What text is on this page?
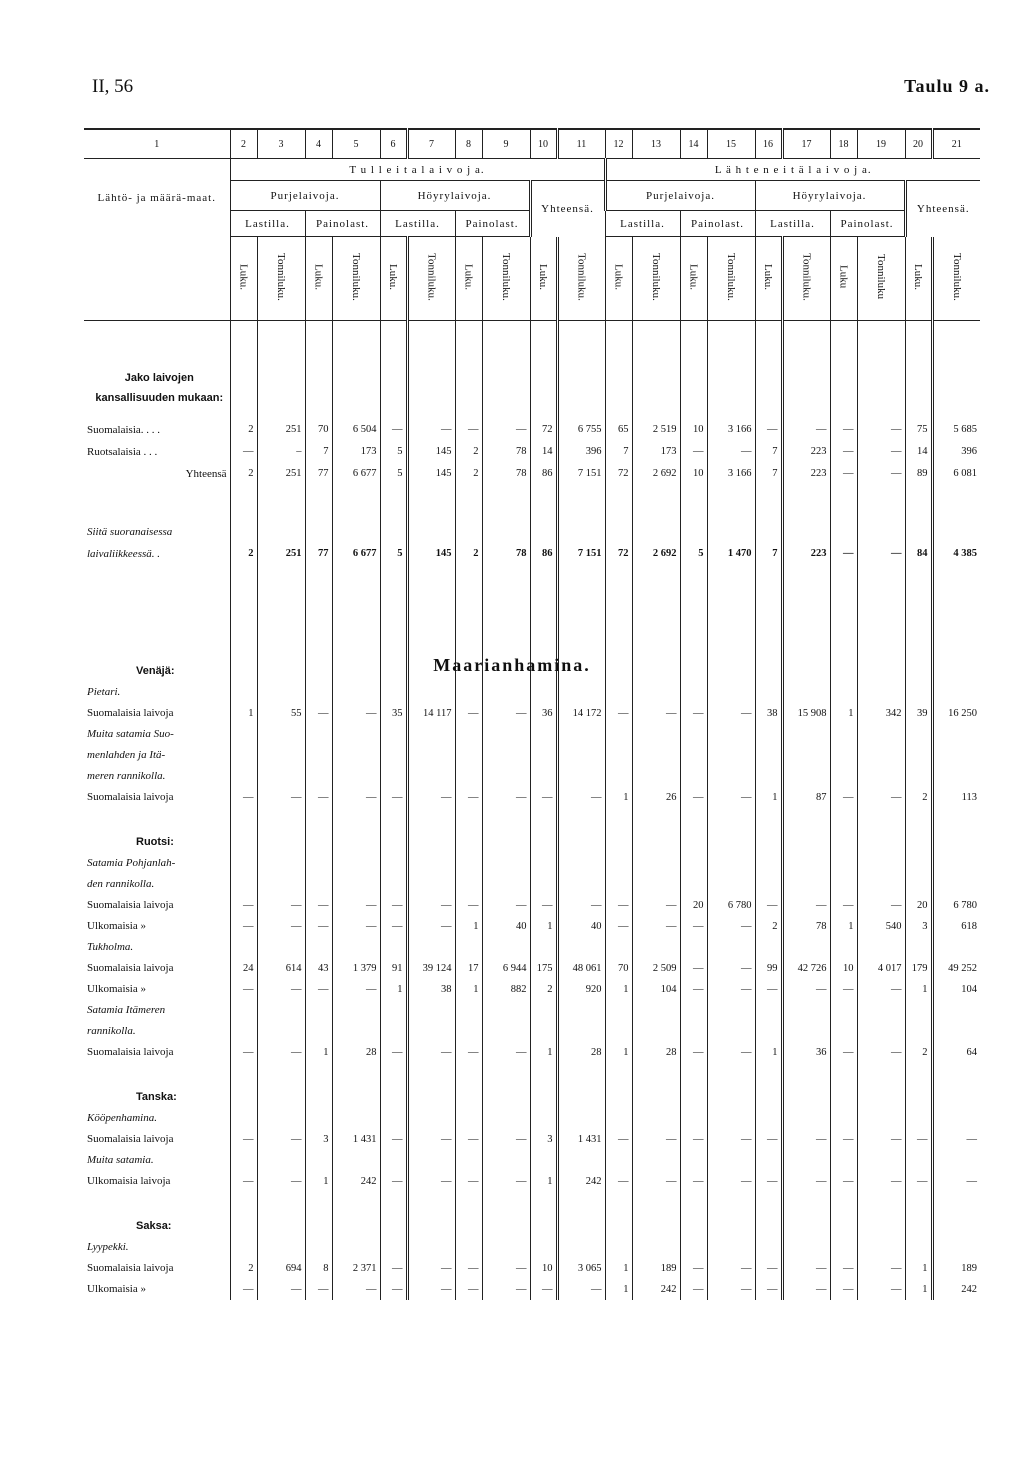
II, 56	Taulu 9 a.
1	2	3	4	5	6	7	8	9	10	11	12	13	14	15	16	17	18	19	20	21

Lähtö- ja määrä-maat.	T u l l e i t a l a i v o j a.										L ä h t e n e i t ä l a i v o j a.									
	Purjelaivoja.				Höyrylaivoja.				Yhteensä.		Purjelaivoja.				Höyrylaivoja.				Yhteensä.	
	Lastilla.		Painolast.		Lastilla.		Painolast.				Lastilla.		Painolast.		Lastilla.		Painolast.			
	Luku.	Tonniluku.	Luku.	Tonniluku.	Luku.	Tonniluku.	Luku.	Tonniluku.	Luku.	Tonniluku.	Luku.	Tonniluku.	Luku.	Tonniluku.	Luku.	Tonniluku.	Luku	Tonniluku	Luku.	Tonniluku.

Jako laivojen kansallisuuden mukaan:																				
Suomalaisia. . . .	2	251	70	6 504	—	—	—	—	72	6 755	65	2 519	10	3 166	—	—	—	—	75	5 685
Ruotsalaisia . . .	—	–	7	173	5	145	2	78	14	396	7	173	—	—	7	223	—	—	14	396
Yhteensä	2	251	77	6 677	5	145	2	78	86	7 151	72	2 692	10	3 166	7	223	—	—	89	6 081

Siitä suoranaisessa																				
laivaliikkeessä. .	2	251	77	6 677	5	145	2	78	86	7 151	72	2 692	5	1 470	7	223	—	—	84	4 385

Venäjä:																				
Pietari.																				
Suomalaisia laivoja	1	55	—	—	35	14 117	—	—	36	14 172	—	—	—	—	38	15 908	1	342	39	16 250
Muita satamia Suo-																				
menlahden ja Itä-																				
meren rannikolla.																				
Suomalaisia laivoja	—	—	—	—	—	—	—	—	—	—	1	26	—	—	1	87	—	—	2	113

Ruotsi:																				
Satamia Pohjanlah-																				
den rannikolla.																				
Suomalaisia laivoja	—	—	—	—	—	—	—	—	—	—	—	—	20	6 780	—	—	—	—	20	6 780
Ulkomaisia »	—	—	—	—	—	—	1	40	1	40	—	—	—	—	2	78	1	540	3	618
Tukholma.																				
Suomalaisia laivoja	24	614	43	1 379	91	39 124	17	6 944	175	48 061	70	2 509	—	—	99	42 726	10	4 017	179	49 252
Ulkomaisia »	—	—	—	—	1	38	1	882	2	920	1	104	—	—	—	—	—	—	1	104
Satamia Itämeren																				
rannikolla.																				
Suomalaisia laivoja	—	—	1	28	—	—	—	—	1	28	1	28	—	—	1	36	—	—	2	64

Tanska:																				
Kööpenhamina.																				
Suomalaisia laivoja	—	—	3	1 431	—	—	—	—	3	1 431	—	—	—	—	—	—	—	—	—	—
Muita satamia.																				
Ulkomaisia laivoja	—	—	1	242	—	—	—	—	1	242	—	—	—	—	—	—	—	—	—	—

Saksa:																				
Lyypekki.																				
Suomalaisia laivoja	2	694	8	2 371	—	—	—	—	10	3 065	1	189	—	—	—	—	—	—	1	189
Ulkomaisia »	—	—	—	—	—	—	—	—	—	—	1	242	—	—	—	—	—	—	1	242
Maarianhamina.
